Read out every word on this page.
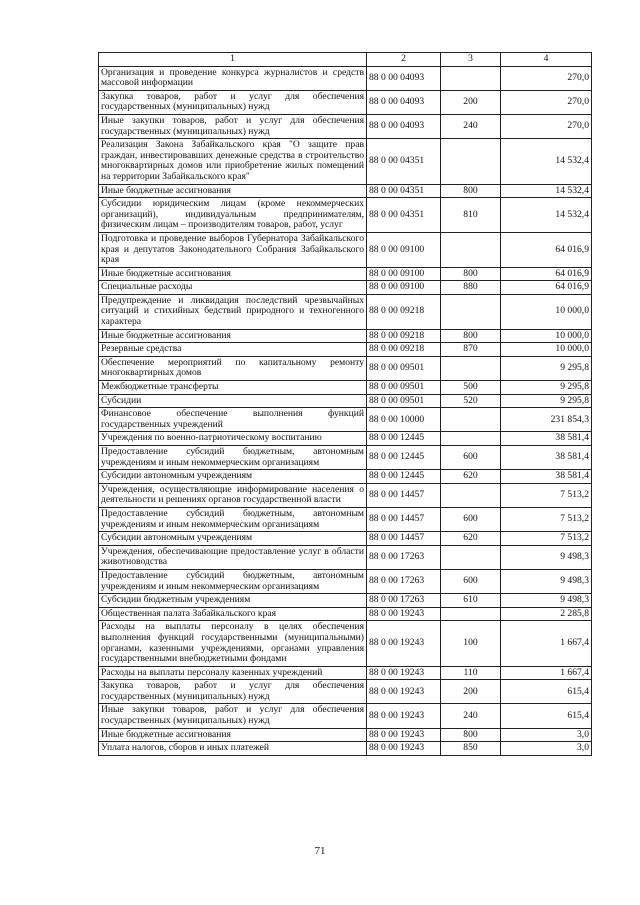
1	2	3	4
Организация и проведение конкурса журналистов и средств массовой информации	88 0 00 04093		270,0
Закупка товаров, работ и услуг для обеспечения государственных (муниципальных) нужд	88 0 00 04093	200	270,0
Иные закупки товаров, работ и услуг для обеспечения государственных (муниципальных) нужд	88 0 00 04093	240	270,0
Реализация Закона Забайкальского края "О защите прав граждан, инвестировавших денежные средства в строительство многоквартирных домов или приобретение жилых помещений на территории Забайкальского края"	88 0 00 04351		14 532,4
Иные бюджетные ассигнования	88 0 00 04351	800	14 532,4
Субсидии юридическим лицам (кроме некоммерческих организаций), индивидуальным предпринимателям, физическим лицам – производителям товаров, работ, услуг	88 0 00 04351	810	14 532,4
Подготовка и проведение выборов Губернатора Забайкальского края и депутатов Законодательного Собрания Забайкальского края	88 0 00 09100		64 016,9
Иные бюджетные ассигнования	88 0 00 09100	800	64 016,9
Специальные расходы	88 0 00 09100	880	64 016,9
Предупреждение и ликвидация последствий чрезвычайных ситуаций и стихийных бедствий природного и техногенного характера	88 0 00 09218		10 000,0
Иные бюджетные ассигнования	88 0 00 09218	800	10 000,0
Резервные средства	88 0 00 09218	870	10 000,0
Обеспечение мероприятий по капитальному ремонту многоквартирных домов	88 0 00 09501		9 295,8
Межбюджетные трансферты	88 0 00 09501	500	9 295,8
Субсидии	88 0 00 09501	520	9 295,8
Финансовое обеспечение выполнения функций государственных учреждений	88 0 00 10000		231 854,3
Учреждения по военно-патриотическому воспитанию	88 0 00 12445		38 581,4
Предоставление субсидий бюджетным, автономным учреждениям и иным некоммерческим организациям	88 0 00 12445	600	38 581,4
Субсидии автономным учреждениям	88 0 00 12445	620	38 581,4
Учреждения, осуществляющие информирование населения о деятельности и решениях органов государственной власти	88 0 00 14457		7 513,2
Предоставление субсидий бюджетным, автономным учреждениям и иным некоммерческим организациям	88 0 00 14457	600	7 513,2
Субсидии автономным учреждениям	88 0 00 14457	620	7 513,2
Учреждения, обеспечивающие предоставление услуг в области животноводства	88 0 00 17263		9 498,3
Предоставление субсидий бюджетным, автономным учреждениям и иным некоммерческим организациям	88 0 00 17263	600	9 498,3
Субсидии бюджетным учреждениям	88 0 00 17263	610	9 498,3
Общественная палата Забайкальского края	88 0 00 19243		2 285,8
Расходы на выплаты персоналу в целях обеспечения выполнения функций государственными (муниципальными) органами, казенными учреждениями, органами управления государственными внебюджетными фондами	88 0 00 19243	100	1 667,4
Расходы на выплаты персоналу казенных учреждений	88 0 00 19243	110	1 667,4
Закупка товаров, работ и услуг для обеспечения государственных (муниципальных) нужд	88 0 00 19243	200	615,4
Иные закупки товаров, работ и услуг для обеспечения государственных (муниципальных) нужд	88 0 00 19243	240	615,4
Иные бюджетные ассигнования	88 0 00 19243	800	3,0
Уплата налогов, сборов и иных платежей	88 0 00 19243	850	3,0
71
